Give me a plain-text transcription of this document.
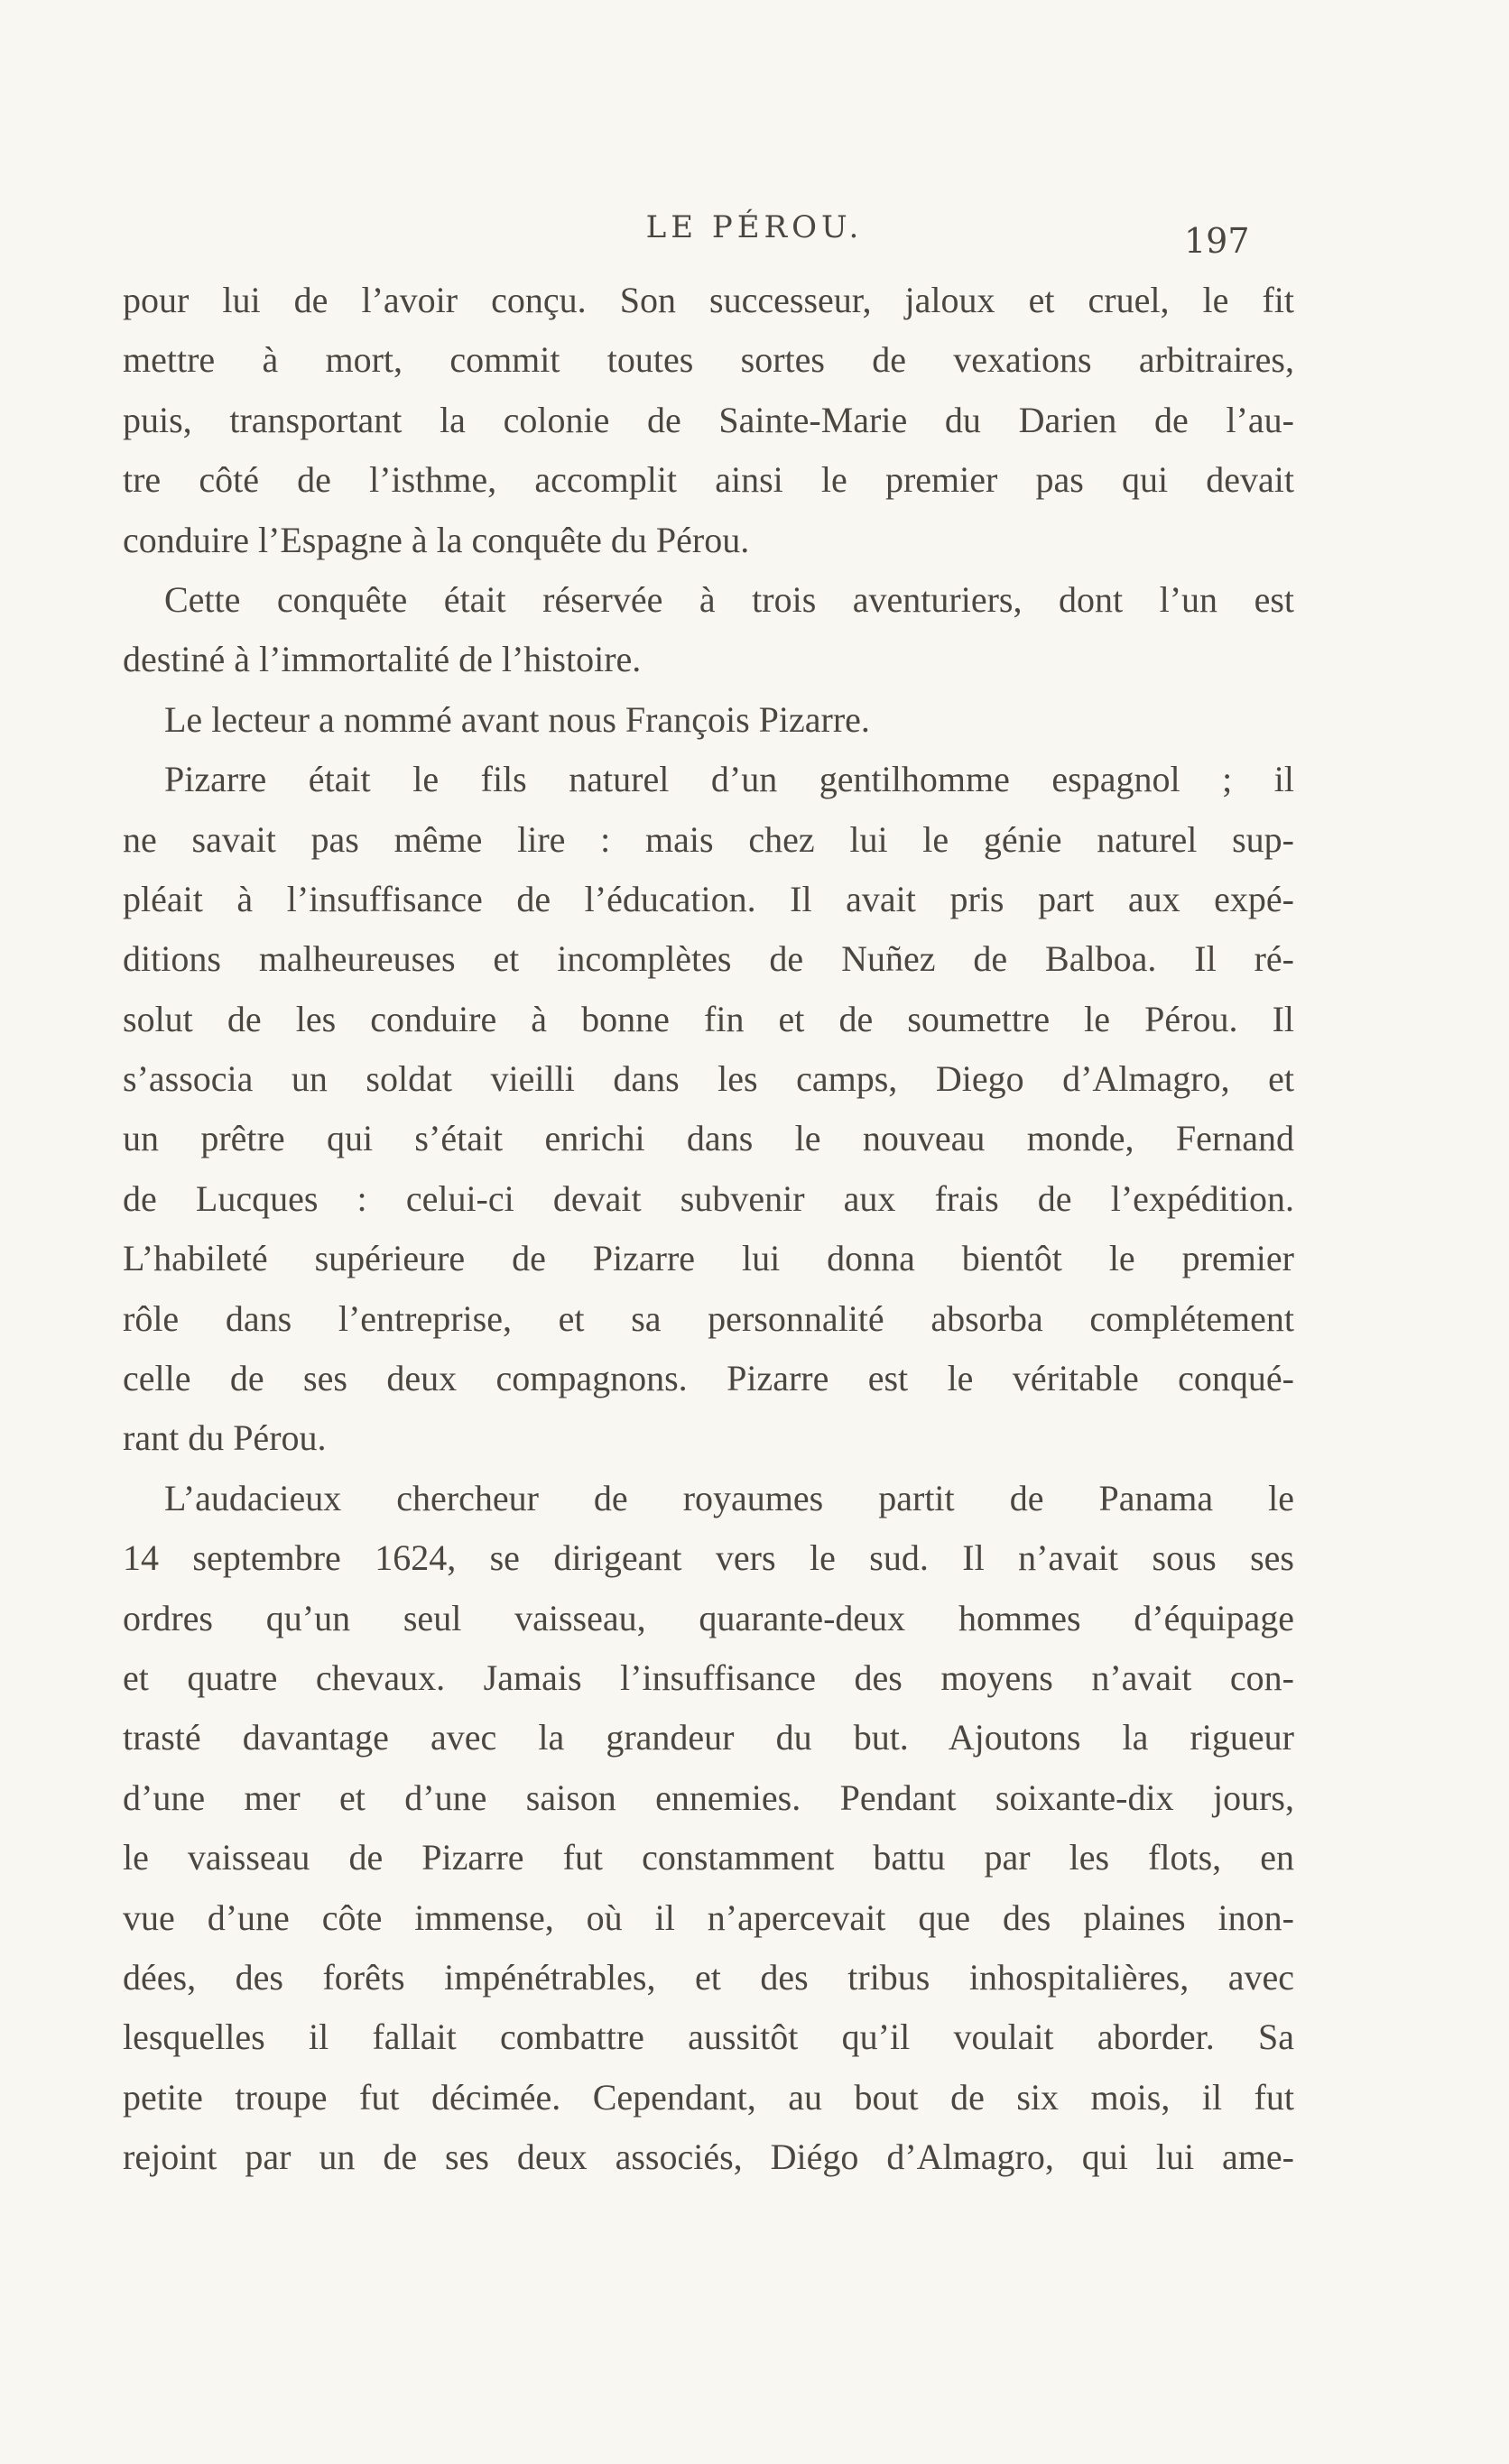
LE PÉROU.	197
pour lui de l’avoir conçu. Son successeur, jaloux et cruel, le fit
mettre à mort, commit toutes sortes de vexations arbitraires,
puis, transportant la colonie de Sainte-Marie du Darien de l’au-
tre côté de l’isthme, accomplit ainsi le premier pas qui devait
conduire l’Espagne à la conquête du Pérou.
Cette conquête était réservée à trois aventuriers, dont l’un est
destiné à l’immortalité de l’histoire.
Le lecteur a nommé avant nous François Pizarre.
Pizarre était le fils naturel d’un gentilhomme espagnol ; il
ne savait pas même lire : mais chez lui le génie naturel sup-
pléait à l’insuffisance de l’éducation. Il avait pris part aux expé-
ditions malheureuses et incomplètes de Nuñez de Balboa. Il ré-
solut de les conduire à bonne fin et de soumettre le Pérou. Il
s’associa un soldat vieilli dans les camps, Diego d’Almagro, et
un prêtre qui s’était enrichi dans le nouveau monde, Fernand
de Lucques : celui-ci devait subvenir aux frais de l’expédition.
L’habileté supérieure de Pizarre lui donna bientôt le premier
rôle dans l’entreprise, et sa personnalité absorba complétement
celle de ses deux compagnons. Pizarre est le véritable conqué-
rant du Pérou.
L’audacieux chercheur de royaumes partit de Panama le
14 septembre 1624, se dirigeant vers le sud. Il n’avait sous ses
ordres qu’un seul vaisseau, quarante-deux hommes d’équipage
et quatre chevaux. Jamais l’insuffisance des moyens n’avait con-
trasté davantage avec la grandeur du but. Ajoutons la rigueur
d’une mer et d’une saison ennemies. Pendant soixante-dix jours,
le vaisseau de Pizarre fut constamment battu par les flots, en
vue d’une côte immense, où il n’apercevait que des plaines inon-
dées, des forêts impénétrables, et des tribus inhospitalières, avec
lesquelles il fallait combattre aussitôt qu’il voulait aborder. Sa
petite troupe fut décimée. Cependant, au bout de six mois, il fut
rejoint par un de ses deux associés, Diégo d’Almagro, qui lui ame-
